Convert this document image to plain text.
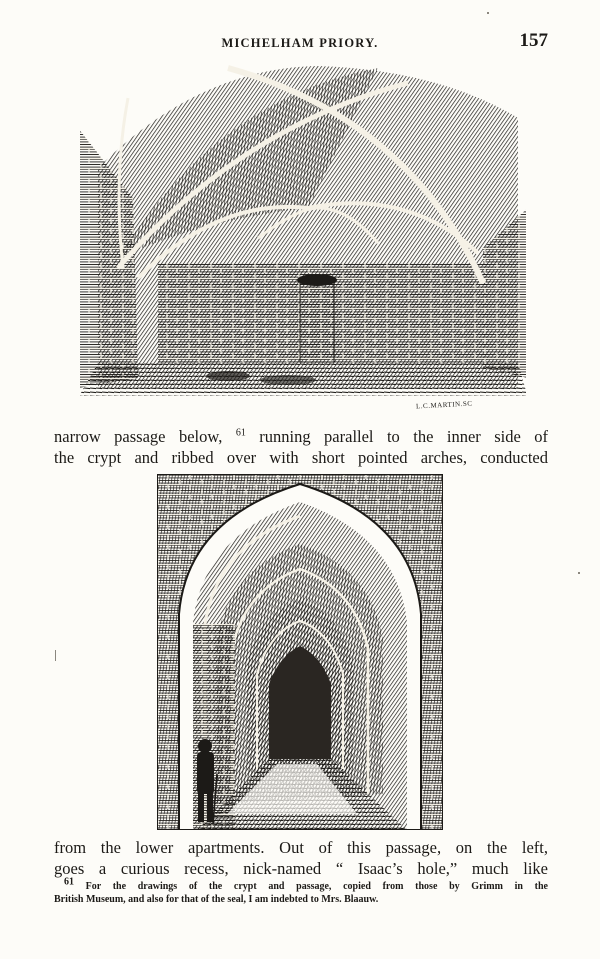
MICHELHAM PRIORY.	157
L.C.MARTIN.SC

narrow passage below, $^{61}$ running parallel to the inner side of

the crypt and ribbed over with short pointed arches, conducted

from the lower apartments. Out of this passage, on the left,

goes a curious recess, nick-named “ Isaac’s hole,” much like

$^{61}$ For the drawings of the crypt and passage, copied from those by Grimm in the

British Museum, and also for that of the seal, I am indebted to Mrs. Blaauw.
